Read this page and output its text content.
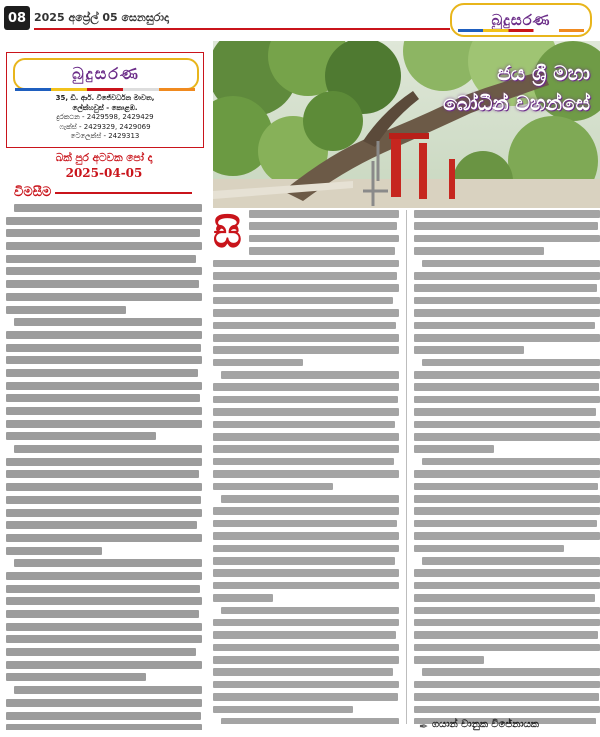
08 2025 අප්‍රේල් 05 සෙනසුරාදා	බුදුසරණ
බුදුසරණ
35, ඩී. ආර්. විජේවර්ධන මාවත,
ලේක්හවුස් - කොළඹ.
දුරකථන - 2429598, 2429429
ෆැක්ස් - 2429329, 2429069
ටෙලෙක්ස් - 2429313
බක් පුර අටවක පෝ දා
2025-04-05
විමසීම
ජය ශ්‍රී මහා
බෝධීන් වහන්සේ
සි
✒ ගයාන් චානුක විජේනායක
